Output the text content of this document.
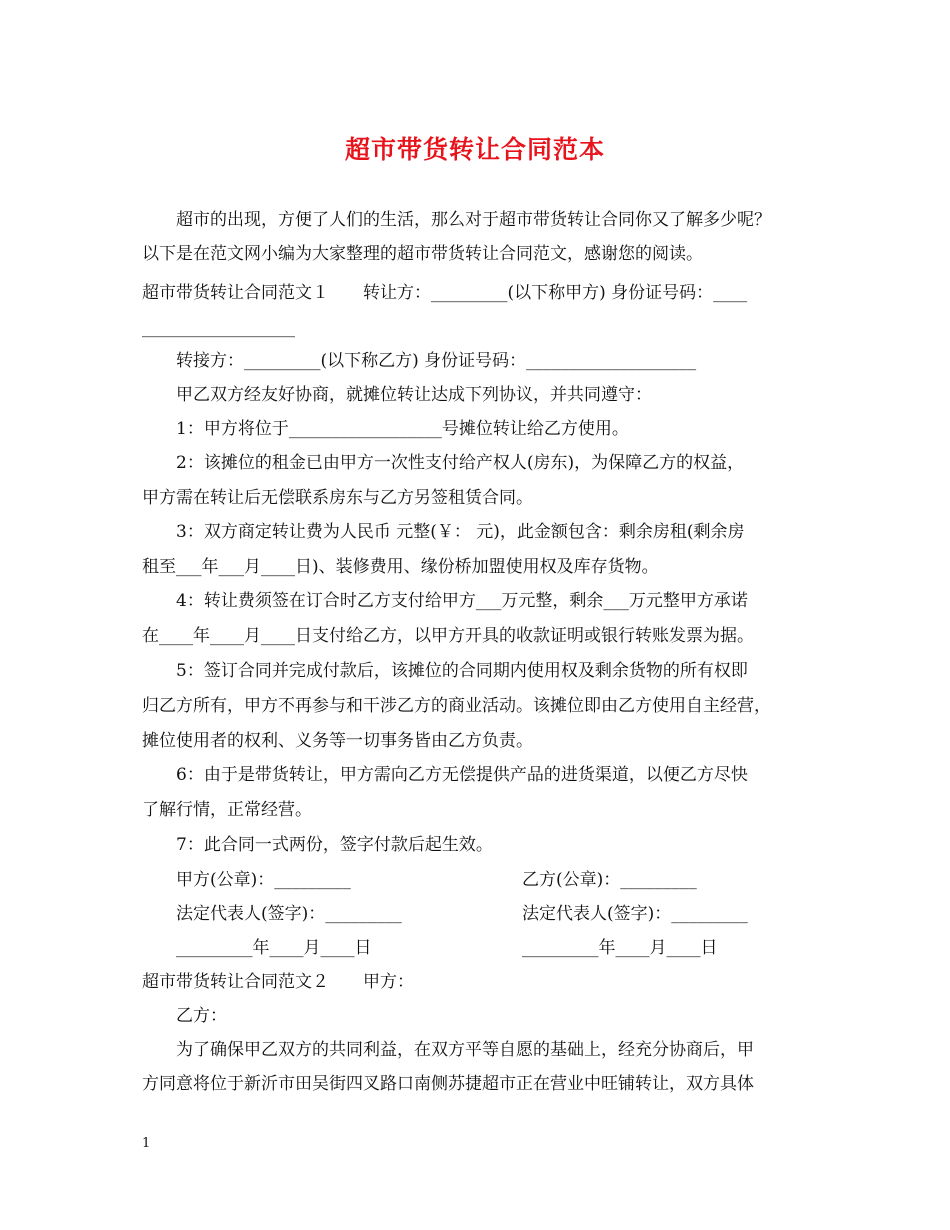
超市带货转让合同范本
超市的出现，方便了人们的生活，那么对于超市带货转让合同你又了解多少呢？
以下是在范文网小编为大家整理的超市带货转让合同范文，感谢您的阅读。
超市带货转让合同范文１　　转让方：_________(以下称甲方) 身份证号码：____
__________________
转接方：_________(以下称乙方) 身份证号码：____________________
甲乙双方经友好协商，就摊位转让达成下列协议，并共同遵守：
1：甲方将位于__________________号摊位转让给乙方使用。
2：该摊位的租金已由甲方一次性支付给产权人(房东)，为保障乙方的权益，
甲方需在转让后无偿联系房东与乙方另签租赁合同。
3：双方商定转让费为人民币 元整(￥： 元)，此金额包含：剩余房租(剩余房
租至___年___月____日)、装修费用、缘份桥加盟使用权及库存货物。
4：转让费须签在订合时乙方支付给甲方___万元整，剩余___万元整甲方承诺
在____年____月____日支付给乙方，以甲方开具的收款证明或银行转账发票为据。
5：签订合同并完成付款后，该摊位的合同期内使用权及剩余货物的所有权即
归乙方所有，甲方不再参与和干涉乙方的商业活动。该摊位即由乙方使用自主经营，
摊位使用者的权利、义务等一切事务皆由乙方负责。
6：由于是带货转让，甲方需向乙方无偿提供产品的进货渠道，以便乙方尽快
了解行情，正常经营。
7：此合同一式两份，签字付款后起生效。
甲方(公章)：_________	乙方(公章)：_________
法定代表人(签字)：_________	法定代表人(签字)：_________
_________年____月____日	_________年____月____日
超市带货转让合同范文２　　甲方：
乙方：
为了确保甲乙双方的共同利益，在双方平等自愿的基础上，经充分协商后，甲
方同意将位于新沂市田吴街四叉路口南侧苏捷超市正在营业中旺铺转让，双方具体
1
